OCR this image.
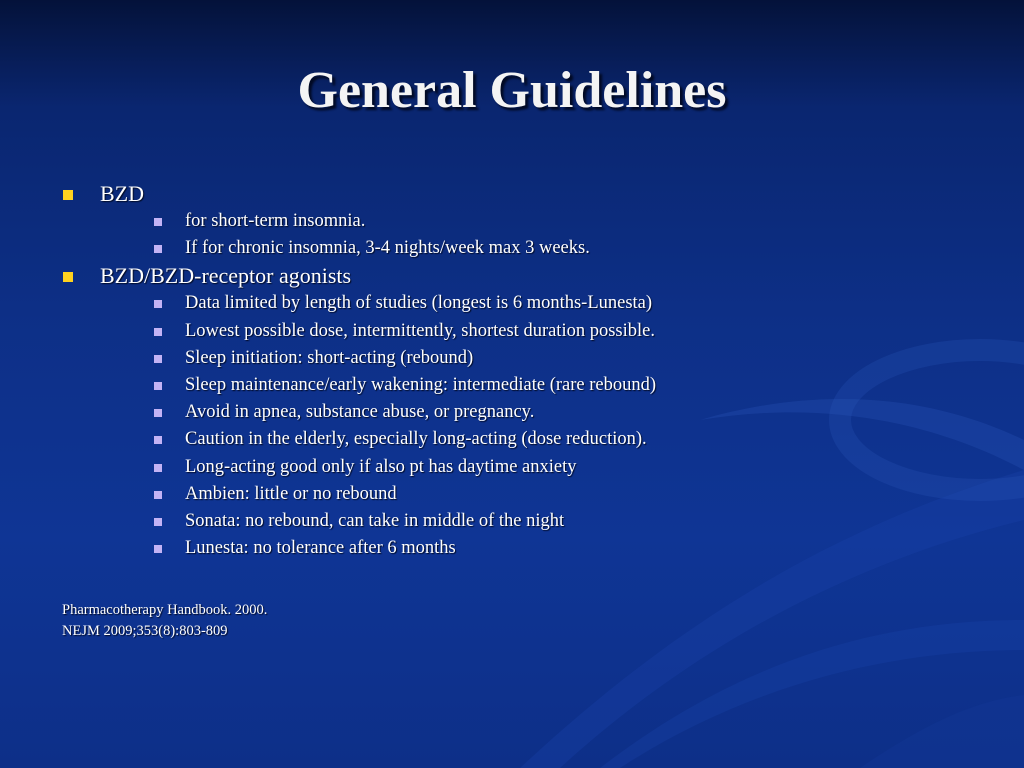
General Guidelines
BZD
for short-term insomnia.
If for chronic insomnia, 3-4 nights/week max 3 weeks.
BZD/BZD-receptor agonists
Data limited by length of studies (longest is 6 months-Lunesta)
Lowest possible dose, intermittently, shortest duration possible.
Sleep initiation: short-acting (rebound)
Sleep maintenance/early wakening: intermediate (rare rebound)
Avoid in apnea, substance abuse, or pregnancy.
Caution in the elderly, especially long-acting (dose reduction).
Long-acting good only if also pt has daytime anxiety
Ambien: little or no rebound
Sonata: no rebound, can take in middle of the night
Lunesta: no tolerance after 6 months
Pharmacotherapy Handbook. 2000.
NEJM 2009;353(8):803-809
